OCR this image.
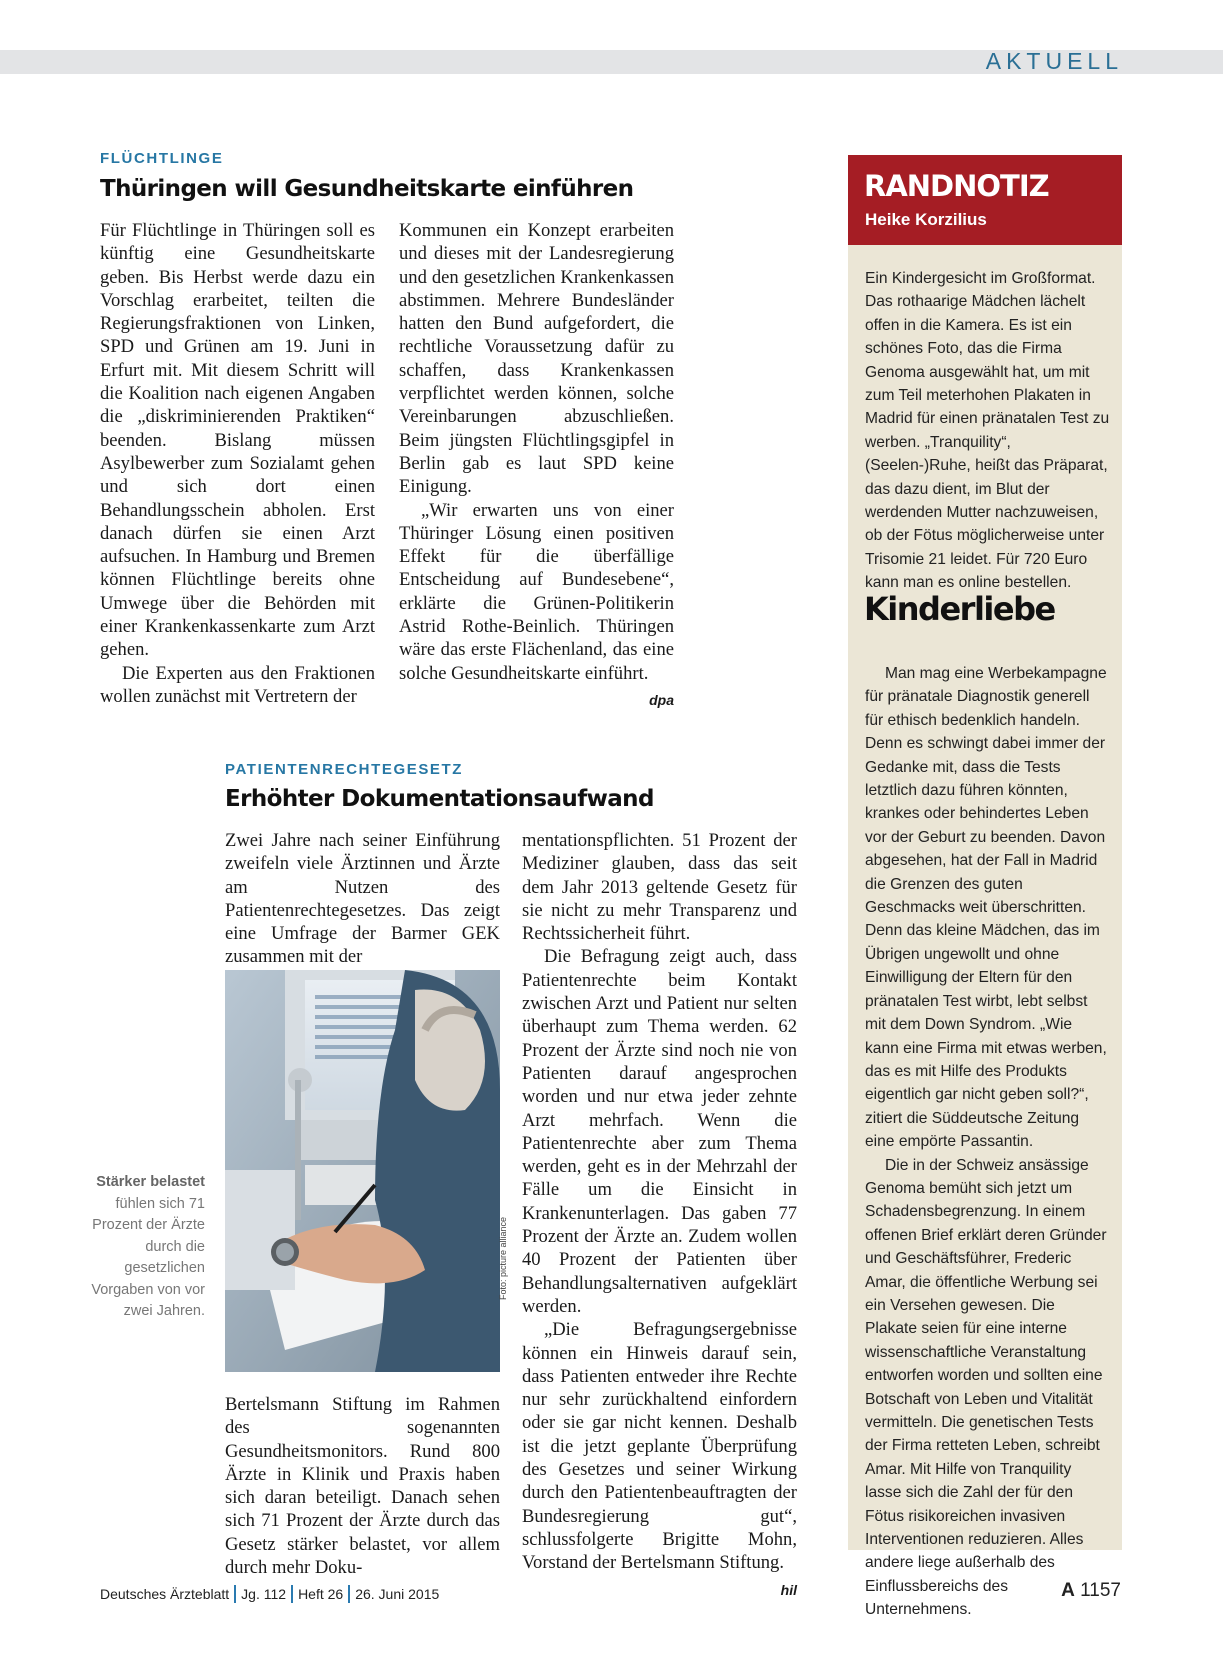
AKTUELL
FLÜCHTLINGE
Thüringen will Gesundheitskarte einführen

Für Flüchtlinge in Thüringen soll es künftig eine Gesundheitskarte geben. Bis Herbst werde dazu ein Vorschlag erarbeitet, teilten die Regierungsfraktionen von Linken, SPD und Grünen am 19. Juni in Erfurt mit. Mit diesem Schritt will die Koalition nach eigenen Angaben die „diskriminierenden Praktiken“ beenden. Bislang müssen Asylbewerber zum Sozialamt gehen und sich dort einen Behandlungsschein abholen. Erst danach dürfen sie einen Arzt aufsuchen. In Hamburg und Bremen können Flüchtlinge bereits ohne Umwege über die Behörden mit einer Krankenkassenkarte zum Arzt gehen.

Die Experten aus den Fraktionen wollen zunächst mit Vertretern der

Kommunen ein Konzept erarbeiten und dieses mit der Landesregierung und den gesetzlichen Krankenkassen abstimmen. Mehrere Bundesländer hatten den Bund aufgefordert, die rechtliche Voraussetzung dafür zu schaffen, dass Krankenkassen verpflichtet werden können, solche Vereinbarungen abzuschließen. Beim jüngsten Flüchtlingsgipfel in Berlin gab es laut SPD keine Einigung.

„Wir erwarten uns von einer Thüringer Lösung einen positiven Effekt für die überfällige Entscheidung auf Bundesebene“, erklärte die Grünen-Politikerin Astrid Rothe-Beinlich. Thüringen wäre das erste Flächenland, das eine solche Gesundheitskarte einführt.
dpa

PATIENTENRECHTEGESETZ
Erhöhter Dokumentationsaufwand

Zwei Jahre nach seiner Einführung zweifeln viele Ärztinnen und Ärzte am Nutzen des Patientenrechtegesetzes. Das zeigt eine Umfrage der Barmer GEK zusammen mit der

Foto: picture alliance
Stärker belastet fühlen sich 71 Prozent der Ärzte durch die gesetzlichen Vorgaben von vor zwei Jahren.

Bertelsmann Stiftung im Rahmen des sogenannten Gesundheitsmonitors. Rund 800 Ärzte in Klinik und Praxis haben sich daran beteiligt. Danach sehen sich 71 Prozent der Ärzte durch das Gesetz stärker belastet, vor allem durch mehr Doku-

mentationspflichten. 51 Prozent der Mediziner glauben, dass das seit dem Jahr 2013 geltende Gesetz für sie nicht zu mehr Transparenz und Rechtssicherheit führt.

Die Befragung zeigt auch, dass Patientenrechte beim Kontakt zwischen Arzt und Patient nur selten überhaupt zum Thema werden. 62 Prozent der Ärzte sind noch nie von Patienten darauf angesprochen worden und nur etwa jeder zehnte Arzt mehrfach. Wenn die Patientenrechte aber zum Thema werden, geht es in der Mehrzahl der Fälle um die Einsicht in Krankenunterlagen. Das gaben 77 Prozent der Ärzte an. Zudem wollen 40 Prozent der Patienten über Behandlungsalternativen aufgeklärt werden.

„Die Befragungsergebnisse können ein Hinweis darauf sein, dass Patienten entweder ihre Rechte nur sehr zurückhaltend einfordern oder sie gar nicht kennen. Deshalb ist die jetzt geplante Überprüfung des Gesetzes und seiner Wirkung durch den Patientenbeauftragten der Bundesregierung gut“, schlussfolgerte Brigitte Mohn, Vorstand der Bertelsmann Stiftung.
hil

RANDNOTIZ
Heike Korzilius

Ein Kindergesicht im Großformat. Das rothaarige Mädchen lächelt offen in die Kamera. Es ist ein schönes Foto, das die Firma Genoma ausgewählt hat, um mit zum Teil meterhohen Plakaten in Madrid für einen pränatalen Test zu werben. „Tranquility“, (Seelen-)Ruhe, heißt das Präparat, das dazu dient, im Blut der werdenden Mutter nachzuweisen, ob der Fötus möglicherweise unter Trisomie 21 leidet. Für 720 Euro kann man es online bestellen.

Kinderliebe

Man mag eine Werbekampagne für pränatale Diagnostik generell für ethisch bedenklich handeln. Denn es schwingt dabei immer der Gedanke mit, dass die Tests letztlich dazu führen könnten, krankes oder behindertes Leben vor der Geburt zu beenden. Davon abgesehen, hat der Fall in Madrid die Grenzen des guten Geschmacks weit überschritten. Denn das kleine Mädchen, das im Übrigen ungewollt und ohne Einwilligung der Eltern für den pränatalen Test wirbt, lebt selbst mit dem Down Syndrom. „Wie kann eine Firma mit etwas werben, das es mit Hilfe des Produkts eigentlich gar nicht geben soll?“, zitiert die Süddeutsche Zeitung eine empörte Passantin.

Die in der Schweiz ansässige Genoma bemüht sich jetzt um Schadensbegrenzung. In einem offenen Brief erklärt deren Gründer und Geschäftsführer, Frederic Amar, die öffentliche Werbung sei ein Versehen gewesen. Die Plakate seien für eine interne wissenschaftliche Veranstaltung entworfen worden und sollten eine Botschaft von Leben und Vitalität vermitteln. Die genetischen Tests der Firma retteten Leben, schreibt Amar. Mit Hilfe von Tranquility lasse sich die Zahl der für den Fötus risikoreichen invasiven Interventionen reduzieren. Alles andere liege außerhalb des Einflussbereichs des Unternehmens.

Deutsches Ärzteblatt Jg. 112 Heft 26 26. Juni 2015	A 1157
